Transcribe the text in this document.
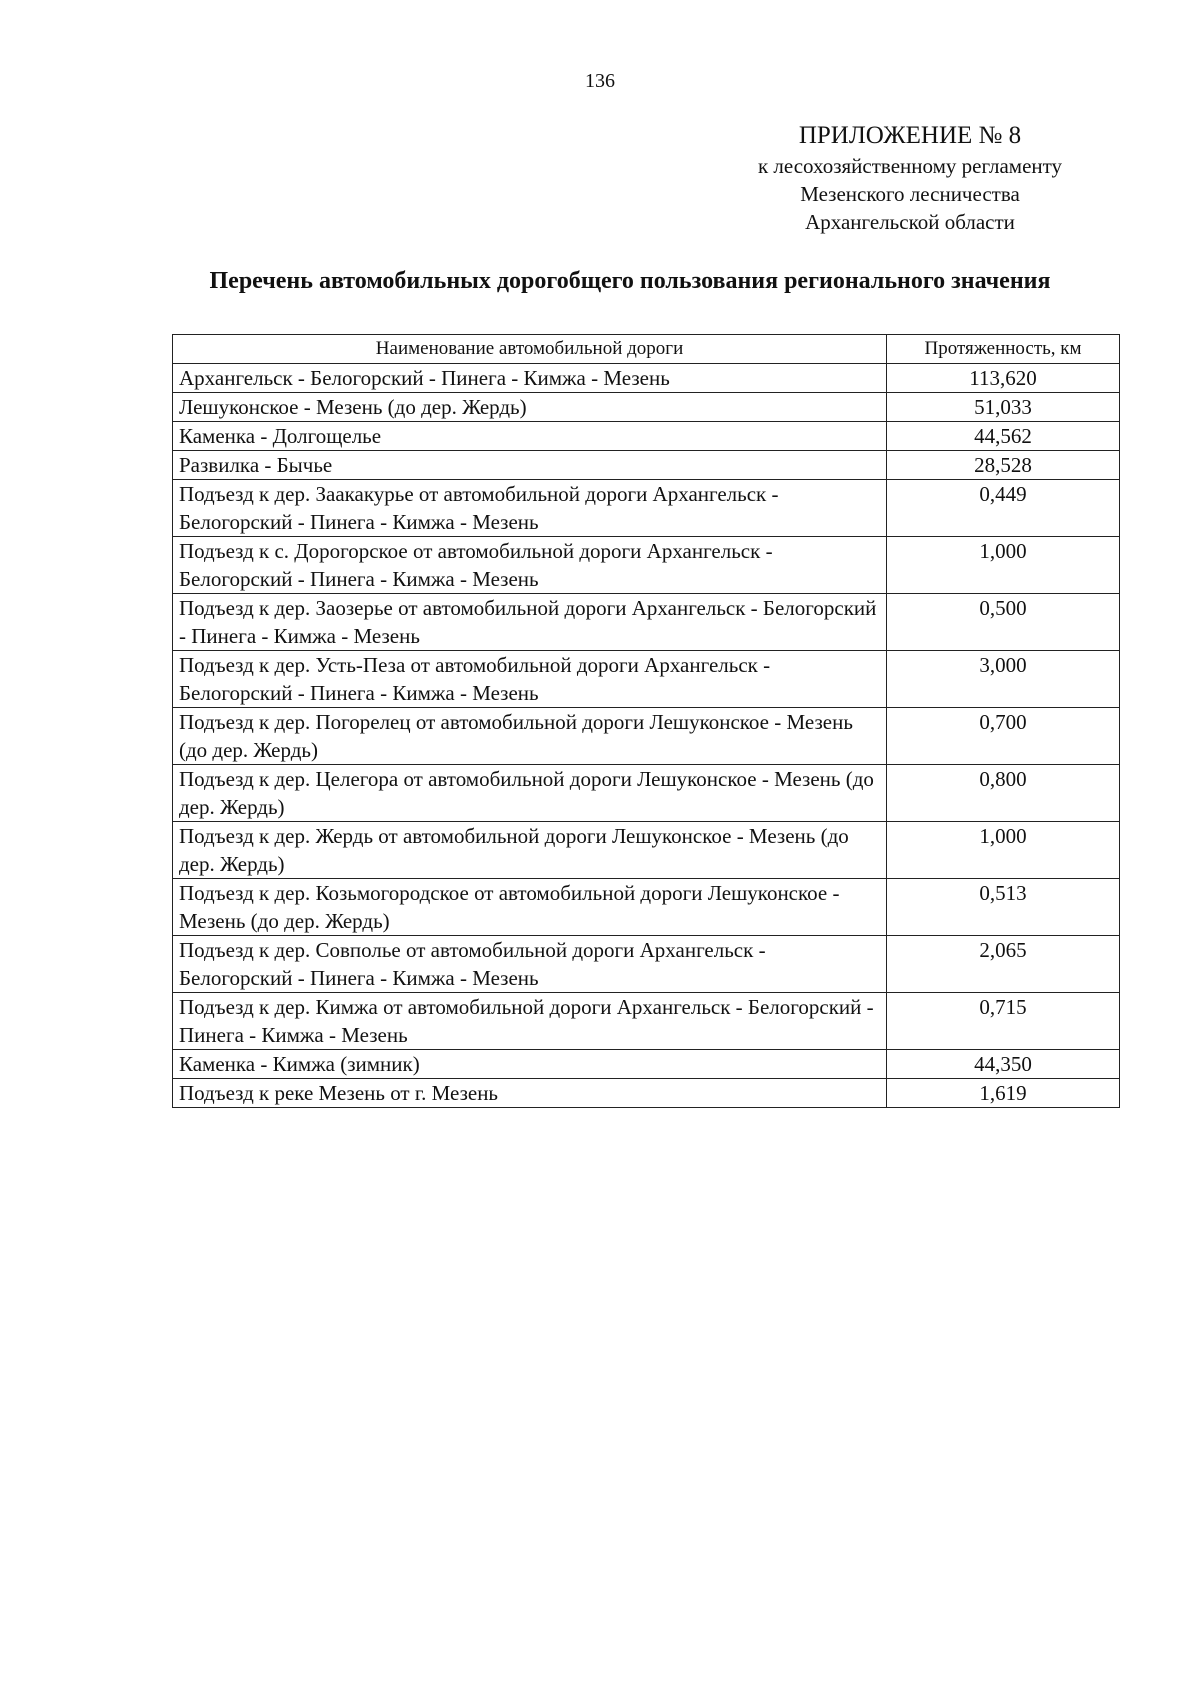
136
ПРИЛОЖЕНИЕ № 8
к лесохозяйственному регламенту
Мезенского лесничества
Архангельской области
Перечень автомобильных дорогобщего пользования регионального значения
Наименование автомобильной дороги	Протяженность, км
Архангельск - Белогорский - Пинега - Кимжа - Мезень	113,620
Лешуконское - Мезень (до дер. Жердь)	51,033
Каменка - Долгощелье	44,562
Развилка - Бычье	28,528
Подъезд к дер. Заакакурье от автомобильной дороги Архангельск - Белогорский - Пинега - Кимжа - Мезень	0,449
Подъезд к с. Дорогорское от автомобильной дороги Архангельск - Белогорский - Пинега - Кимжа - Мезень	1,000
Подъезд к дер. Заозерье от автомобильной дороги Архангельск - Белогорский - Пинега - Кимжа - Мезень	0,500
Подъезд к дер. Усть-Пеза от автомобильной дороги Архангельск - Белогорский - Пинега - Кимжа - Мезень	3,000
Подъезд к дер. Погорелец от автомобильной дороги Лешуконское - Мезень (до дер. Жердь)	0,700
Подъезд к дер. Целегора от автомобильной дороги Лешуконское - Мезень (до дер. Жердь)	0,800
Подъезд к дер. Жердь от автомобильной дороги Лешуконское - Мезень (до дер. Жердь)	1,000
Подъезд к дер. Козьмогородское от автомобильной дороги Лешуконское - Мезень (до дер. Жердь)	0,513
Подъезд к дер. Совполье от автомобильной дороги Архангельск - Белогорский - Пинега - Кимжа - Мезень	2,065
Подъезд к дер. Кимжа от автомобильной дороги Архангельск - Белогорский - Пинега - Кимжа - Мезень	0,715
Каменка - Кимжа (зимник)	44,350
Подъезд к реке Мезень от г. Мезень	1,619
